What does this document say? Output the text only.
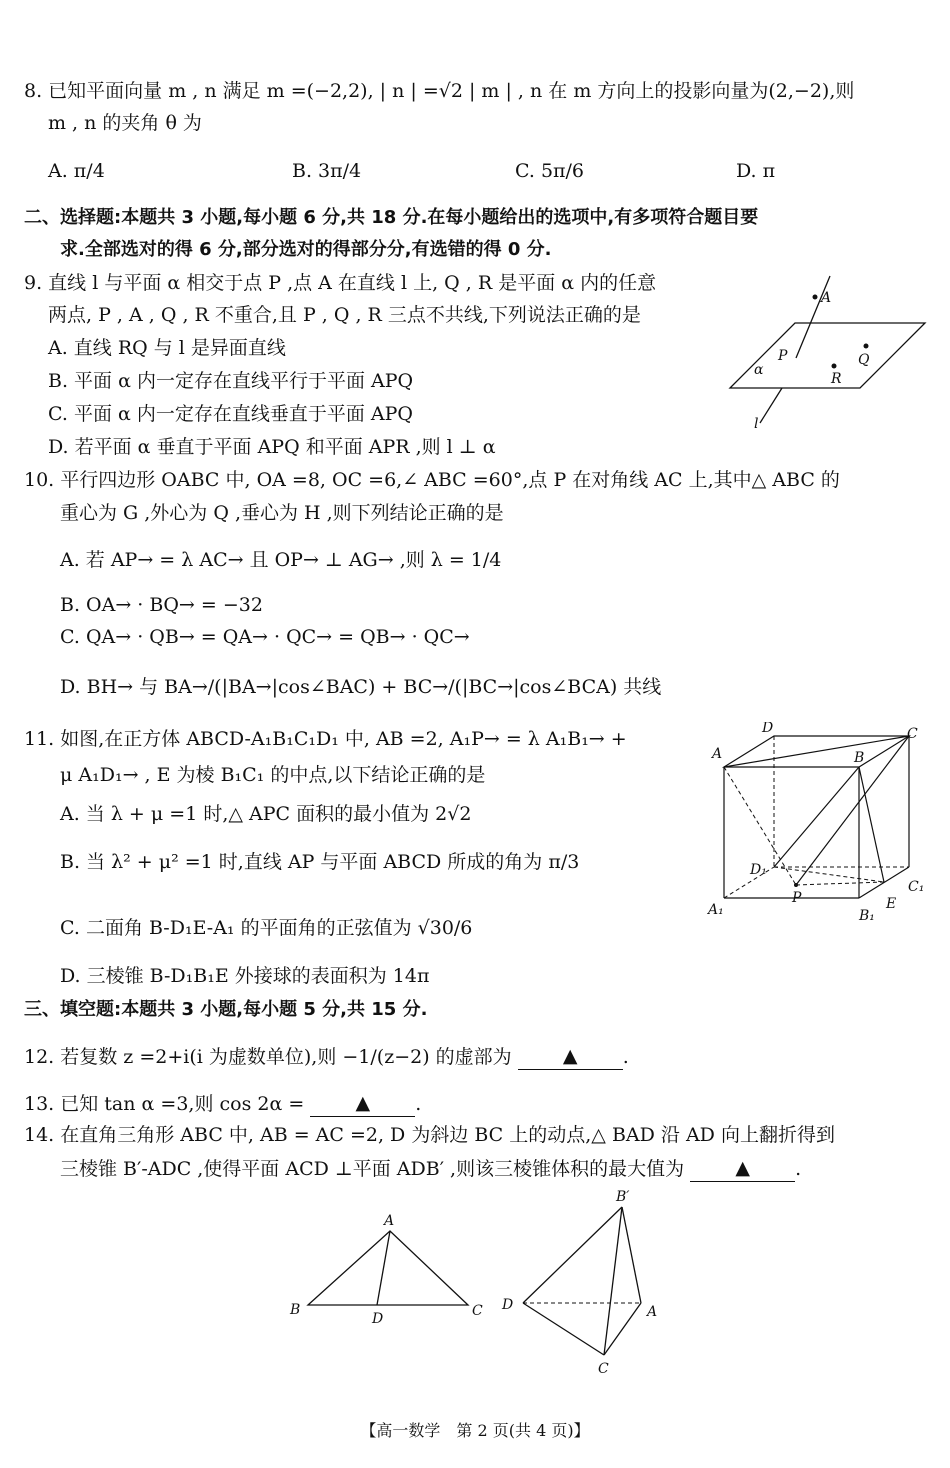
8. 已知平面向量 m , n 满足 m =(−2,2), | n | =√2 | m | , n 在 m 方向上的投影向量为(2,−2),则
m , n 的夹角 θ 为
A. π/4	B. 3π/4	C. 5π/6	D. π
二、选择题:本题共 3 小题,每小题 6 分,共 18 分.在每小题给出的选项中,有多项符合题目要
求.全部选对的得 6 分,部分选对的得部分分,有选错的得 0 分.
9. 直线 l 与平面 α 相交于点 P ,点 A 在直线 l 上, Q , R 是平面 α 内的任意
两点, P , A , Q , R 不重合,且 P , Q , R 三点不共线,下列说法正确的是
A. 直线 RQ 与 l 是异面直线
B. 平面 α 内一定存在直线平行于平面 APQ
C. 平面 α 内一定存在直线垂直于平面 APQ
D. 若平面 α 垂直于平面 APQ 和平面 APR ,则 l ⊥ α
A
P	Q
R
α
l
10. 平行四边形 OABC 中, OA =8, OC =6,∠ ABC =60°,点 P 在对角线 AC 上,其中△ ABC 的
重心为 G ,外心为 Q ,垂心为 H ,则下列结论正确的是
A. 若 AP→ = λ AC→ 且 OP→ ⊥ AG→ ,则 λ = 1/4
B. OA→ · BQ→ = −32
C. QA→ · QB→ = QA→ · QC→ = QB→ · QC→
D. BH→ 与 BA→/(|BA→|cos∠BAC) + BC→/(|BC→|cos∠BCA) 共线
11. 如图,在正方体 ABCD-A₁B₁C₁D₁ 中, AB =2, A₁P→ = λ A₁B₁→ +
μ A₁D₁→ , E 为棱 B₁C₁ 的中点,以下结论正确的是
A. 当 λ + μ =1 时,△ APC 面积的最小值为 2√2
B. 当 λ² + μ² =1 时,直线 AP 与平面 ABCD 所成的角为 π/3
C. 二面角 B-D₁E-A₁ 的平面角的正弦值为 √30/6
D. 三棱锥 B-D₁B₁E 外接球的表面积为 14π
A
D
B
C
D₁
P
A₁	B₁
C₁
E
三、填空题:本题共 3 小题,每小题 5 分,共 15 分.
12. 若复数 z =2+i(i 为虚数单位),则 −1/(z−2) 的虚部为	▲ .
13. 已知 tan α =3,则 cos 2α =	▲ .
14. 在直角三角形 ABC 中, AB = AC =2, D 为斜边 BC 上的动点,△ BAD 沿 AD 向上翻折得到
三棱锥 B′-ADC ,使得平面 ACD ⊥平面 ADB′ ,则该三棱锥体积的最大值为	▲ .
A
B	C
D
B′
D	A
C
【高一数学　第 2 页(共 4 页)】
